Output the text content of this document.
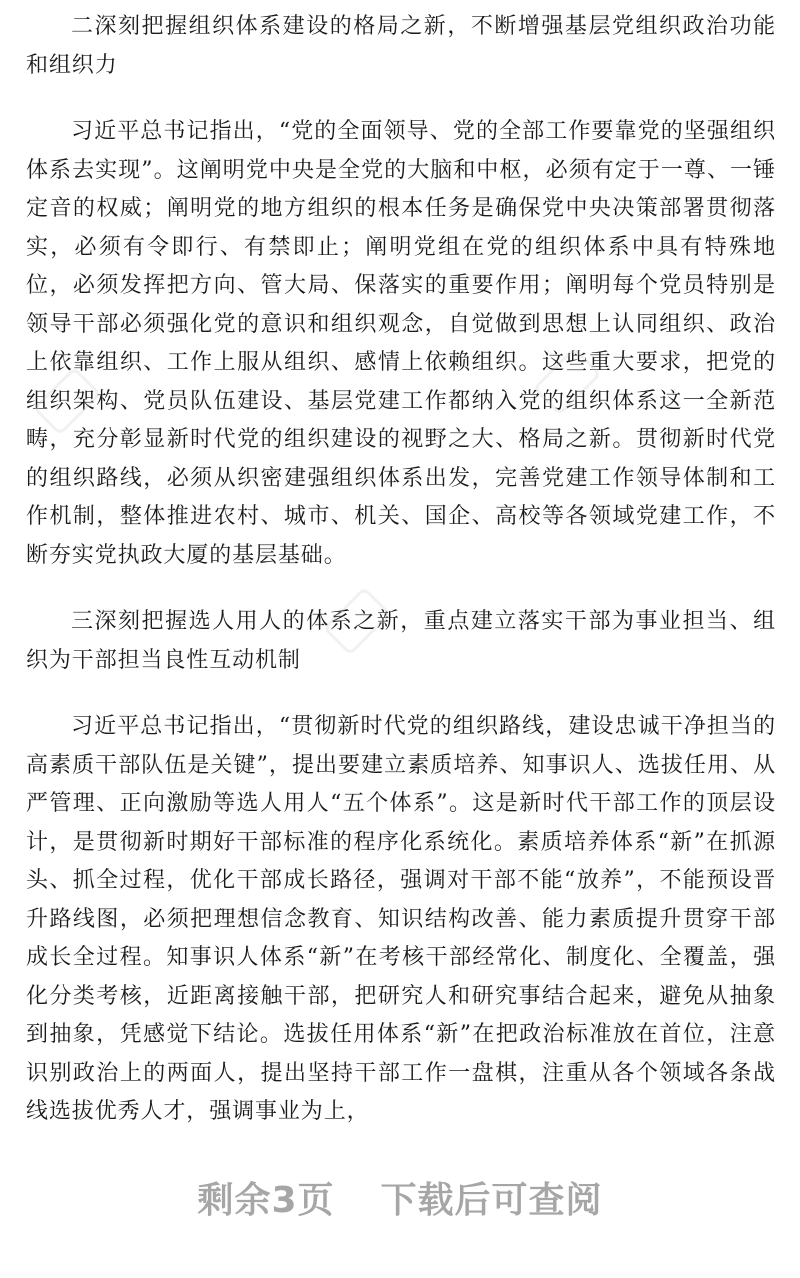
二深刻把握组织体系建设的格局之新，不断增强基层党组织政治功能和组织力

习近平总书记指出，“党的全面领导、党的全部工作要靠党的坚强组织体系去实现”。这阐明党中央是全党的大脑和中枢，必须有定于一尊、一锤定音的权威；阐明党的地方组织的根本任务是确保党中央决策部署贯彻落实，必须有令即行、有禁即止；阐明党组在党的组织体系中具有特殊地位，必须发挥把方向、管大局、保落实的重要作用；阐明每个党员特别是领导干部必须强化党的意识和组织观念，自觉做到思想上认同组织、政治上依靠组织、工作上服从组织、感情上依赖组织。这些重大要求，把党的组织架构、党员队伍建设、基层党建工作都纳入党的组织体系这一全新范畴，充分彰显新时代党的组织建设的视野之大、格局之新。贯彻新时代党的组织路线，必须从织密建强组织体系出发，完善党建工作领导体制和工作机制，整体推进农村、城市、机关、国企、高校等各领域党建工作，不断夯实党执政大厦的基层基础。

三深刻把握选人用人的体系之新，重点建立落实干部为事业担当、组织为干部担当良性互动机制

习近平总书记指出，“贯彻新时代党的组织路线，建设忠诚干净担当的高素质干部队伍是关键”，提出要建立素质培养、知事识人、选拔任用、从严管理、正向激励等选人用人“五个体系”。这是新时代干部工作的顶层设计，是贯彻新时期好干部标准的程序化系统化。素质培养体系“新”在抓源头、抓全过程，优化干部成长路径，强调对干部不能“放养”，不能预设晋升路线图，必须把理想信念教育、知识结构改善、能力素质提升贯穿干部成长全过程。知事识人体系“新”在考核干部经常化、制度化、全覆盖，强化分类考核，近距离接触干部，把研究人和研究事结合起来，避免从抽象到抽象，凭感觉下结论。选拔任用体系“新”在把政治标准放在首位，注意识别政治上的两面人，提出坚持干部工作一盘棋，注重从各个领域各条战线选拔优秀人才，强调事业为上，

剩余3页 下载后可查阅
